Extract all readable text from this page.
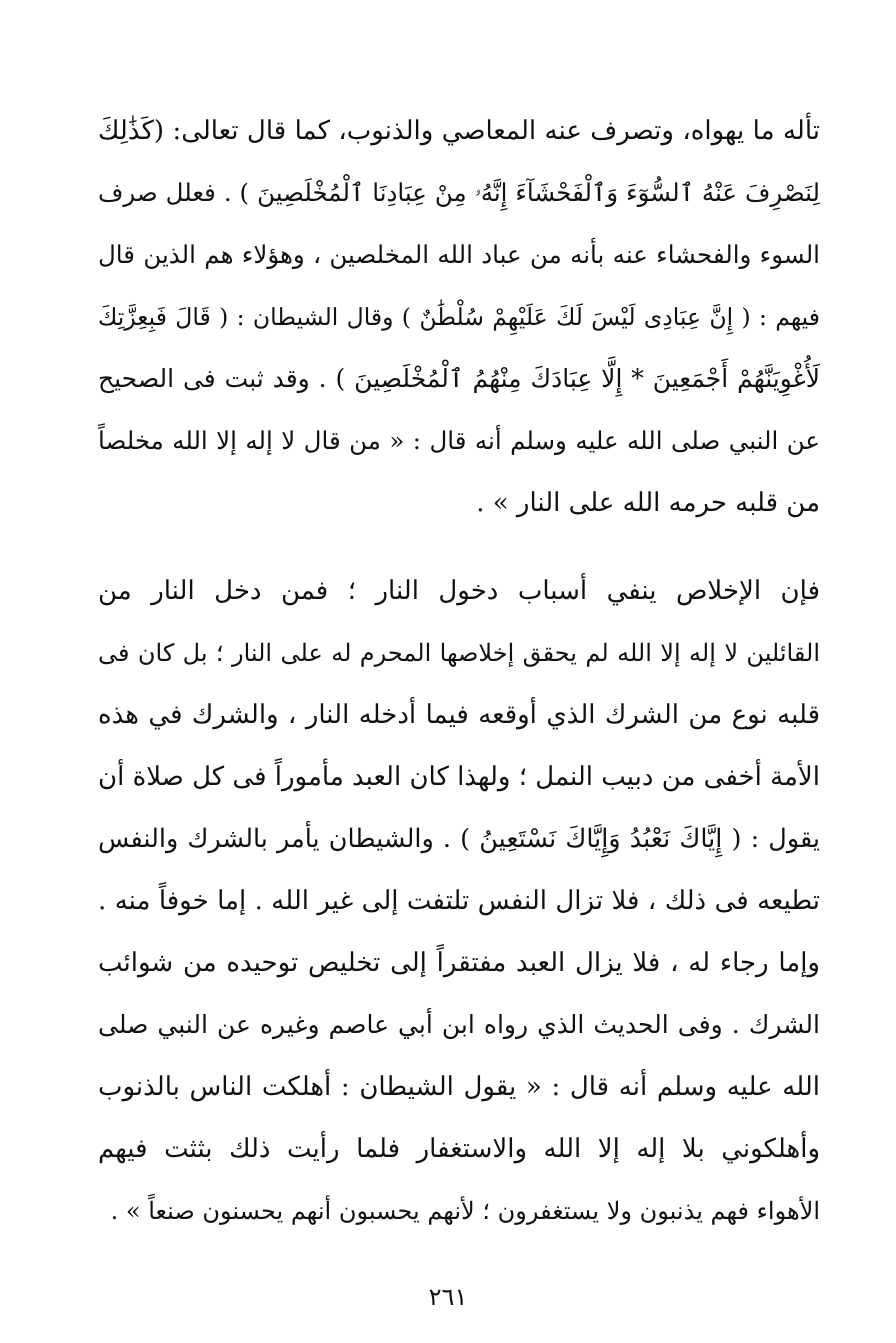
تأله ما يهواه، وتصرف عنه المعاصي والذنوب، كما قال تعالى: (كَذَٰلِكَ
لِنَصْرِفَ عَنْهُ ٱلسُّوٓءَ وَٱلْفَحْشَآءَ إِنَّهُۥ مِنْ عِبَادِنَا ٱلْمُخْلَصِينَ ) . فعلل صرف
السوء والفحشاء عنه بأنه من عباد الله المخلصين ، وهؤلاء هم الذين قال
فيهم : ( إِنَّ عِبَادِى لَيْسَ لَكَ عَلَيْهِمْ سُلْطَٰنٌ ) وقال الشيطان : ( قَالَ فَبِعِزَّتِكَ
لَأُغْوِيَنَّهُمْ أَجْمَعِينَ * إِلَّا عِبَادَكَ مِنْهُمُ ٱلْمُخْلَصِينَ ) . وقد ثبت فى الصحيح
عن النبي صلى الله عليه وسلم أنه قال : « من قال لا إله إلا الله مخلصاً
من قلبه حرمه الله على النار » .
فإن الإخلاص ينفي أسباب دخول النار ؛ فمن دخل النار من
القائلين لا إله إلا الله لم يحقق إخلاصها المحرم له على النار ؛ بل كان فى
قلبه نوع من الشرك الذي أوقعه فيما أدخله النار ، والشرك في هذه
الأمة أخفى من دبيب النمل ؛ ولهذا كان العبد مأموراً فى كل صلاة أن
يقول : ( إِيَّاكَ نَعْبُدُ وَإِيَّاكَ نَسْتَعِينُ ) . والشيطان يأمر بالشرك والنفس
تطيعه فى ذلك ، فلا تزال النفس تلتفت إلى غير الله . إما خوفاً منه .
وإما رجاء له ، فلا يزال العبد مفتقراً إلى تخليص توحيده من شوائب
الشرك . وفى الحديث الذي رواه ابن أبي عاصم وغيره عن النبي صلى
الله عليه وسلم أنه قال : « يقول الشيطان : أهلكت الناس بالذنوب
وأهلكوني بلا إله إلا الله والاستغفار فلما رأيت ذلك بثثت فيهم
الأهواء فهم يذنبون ولا يستغفرون ؛ لأنهم يحسبون أنهم يحسنون صنعاً » .
٢٦١
